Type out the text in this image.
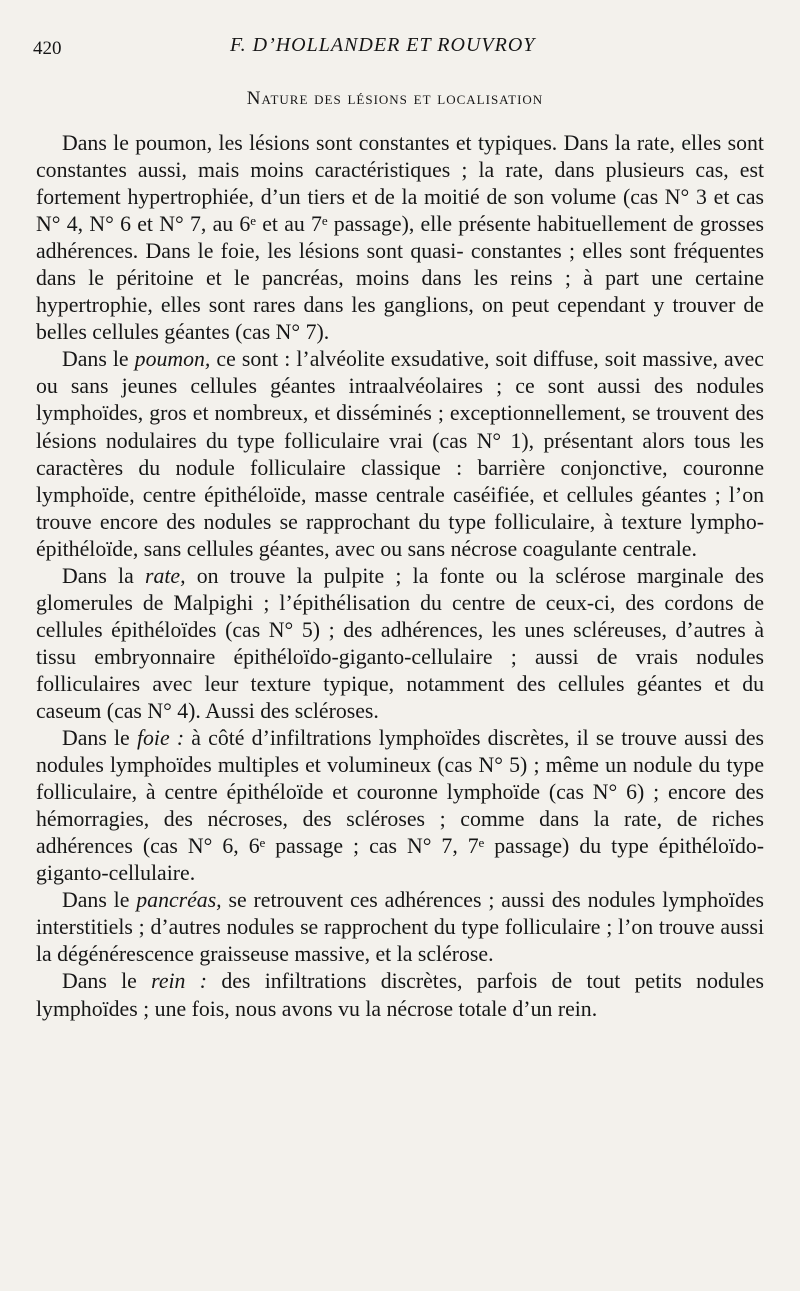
420	F. D’HOLLANDER ET ROUVROY
Nature des lésions et localisation

Dans le poumon, les lésions sont constantes et typiques. Dans la rate, elles sont constantes aussi, mais moins caractéristiques ; la rate, dans plusieurs cas, est fortement hypertrophiée, d’un tiers et de la moitié de son volume (cas N° 3 et cas N° 4, N° 6 et N° 7, au 6ᵉ et au 7ᵉ passage), elle présente habituellement de grosses adhérences. Dans le foie, les lésions sont quasi- constantes ; elles sont fréquentes dans le péritoine et le pancréas, moins dans les reins ; à part une certaine hypertrophie, elles sont rares dans les ganglions, on peut cependant y trouver de belles cellules géantes (cas N° 7).

Dans le poumon, ce sont : l’alvéolite exsudative, soit diffuse, soit massive, avec ou sans jeunes cellules géantes intraalvéolaires ; ce sont aussi des nodules lymphoïdes, gros et nombreux, et disséminés ; exceptionnellement, se trouvent des lésions nodulaires du type folliculaire vrai (cas N° 1), présentant alors tous les caractères du nodule folliculaire classique : barrière conjonctive, couronne lymphoïde, centre épithéloïde, masse centrale caséifiée, et cellules géantes ; l’on trouve encore des nodules se rapprochant du type folliculaire, à texture lympho-épithéloïde, sans cellules géantes, avec ou sans nécrose coagulante centrale.

Dans la rate, on trouve la pulpite ; la fonte ou la sclérose marginale des glomerules de Malpighi ; l’épithélisation du centre de ceux-ci, des cordons de cellules épithéloïdes (cas N° 5) ; des adhérences, les unes scléreuses, d’autres à tissu embryonnaire épithéloïdo-giganto-cellulaire ; aussi de vrais nodules folliculaires avec leur texture typique, notamment des cellules géantes et du caseum (cas N° 4). Aussi des scléroses.

Dans le foie : à côté d’infiltrations lymphoïdes discrètes, il se trouve aussi des nodules lymphoïdes multiples et volumineux (cas N° 5) ; même un nodule du type folliculaire, à centre épithéloïde et couronne lymphoïde (cas N° 6) ; encore des hémorragies, des nécroses, des scléroses ; comme dans la rate, de riches adhérences (cas N° 6, 6ᵉ passage ; cas N° 7, 7ᵉ passage) du type épithéloïdo-giganto-cellulaire.

Dans le pancréas, se retrouvent ces adhérences ; aussi des nodules lymphoïdes interstitiels ; d’autres nodules se rapprochent du type folliculaire ; l’on trouve aussi la dégénérescence graisseuse massive, et la sclérose.

Dans le rein : des infiltrations discrètes, parfois de tout petits nodules lymphoïdes ; une fois, nous avons vu la nécrose totale d’un rein.
